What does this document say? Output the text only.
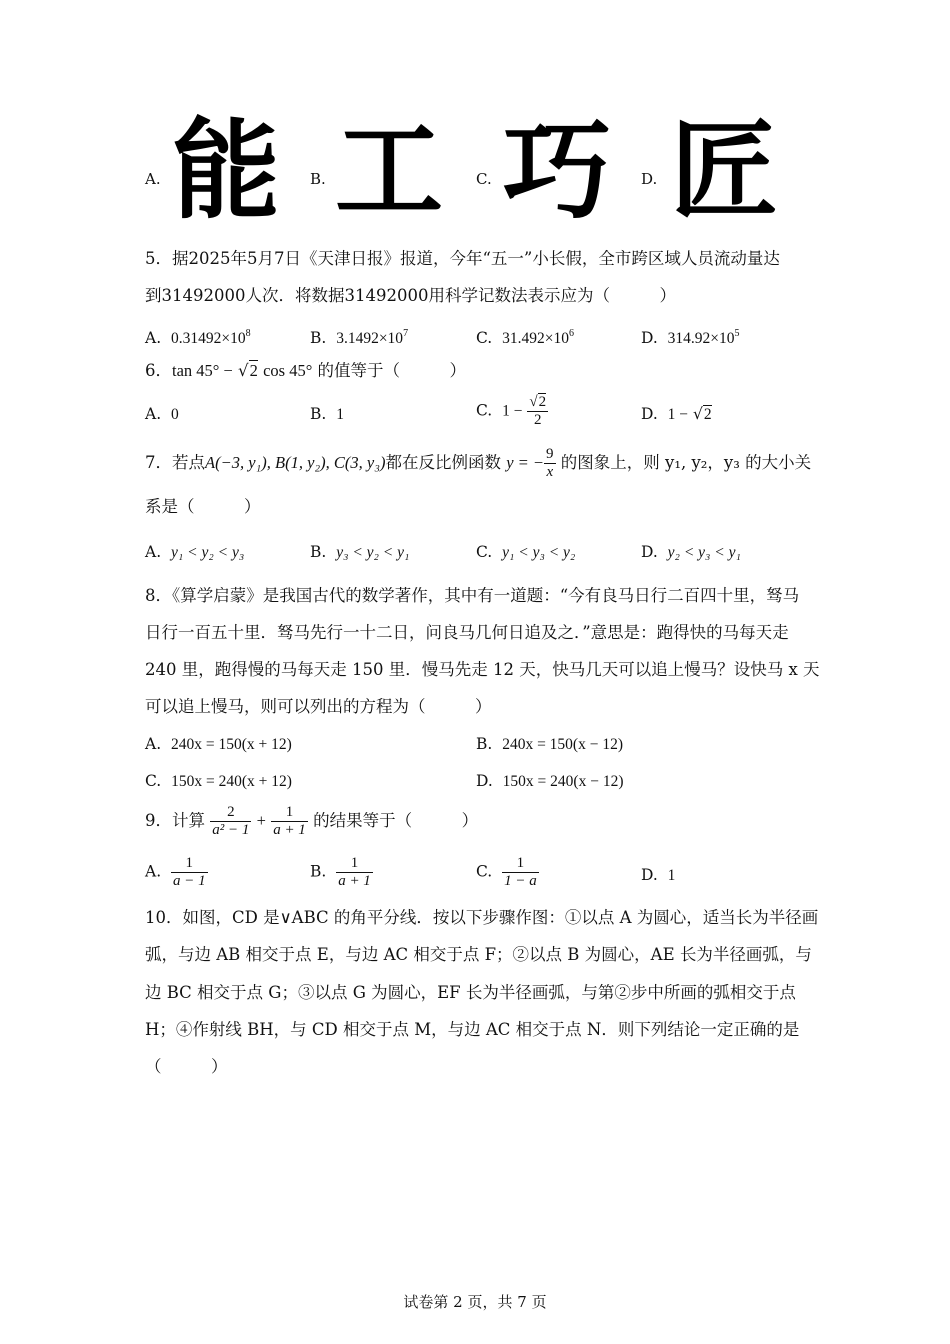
A. 能 B. 工 C. 巧 D. 匠
5．据2025年5月7日《天津日报》报道，今年“五一”小长假，全市跨区域人员流动量达
到31492000人次．将数据31492000用科学记数法表示应为（　　　）
A. $0.31492\times 10^8$	B. $3.1492\times 10^7$	C. $31.492\times 10^6$	D. $314.92\times 10^5$
6．tan 45° − √2 cos 45° 的值等于（　　　）
A. 0	B. 1	C. $1 - \frac{√2}{2}$	D. 1 − √2
7．若点A(−3, y₁), B(1, y₂), C(3, y₃)都在反比例函数 y = − $\frac{9}{x}$ 的图象上，则 y₁, y₂，y₃ 的大小关
系是（　　　）
A. y₁ < y₂ < y₃	B. y₃ < y₂ < y₁	C. y₁ < y₃ < y₂	D. y₂ < y₃ < y₁
8．《算学启蒙》是我国古代的数学著作，其中有一道题：“今有良马日行二百四十里，驽马
日行一百五十里．驽马先行一十二日，问良马几何日追及之．”意思是：跑得快的马每天走
240 里，跑得慢的马每天走 150 里．慢马先走 12 天，快马几天可以追上慢马？设快马 x 天
可以追上慢马，则可以列出的方程为（　　　）
A. 240x = 150(x + 12)	B. 240x = 150(x − 12)
C. 150x = 240(x + 12)	D. 150x = 240(x − 12)
9．计算 $\frac{2}{\text{a² − 1}} + \frac{1}{a + 1}$ 的结果等于（　　　）
A. $\frac{1}{a - 1}$	B. $\frac{1}{a + 1}$	C. $\frac{1}{1 - a}$	D. 1
10．如图，CD 是∨ABC 的角平分线．按以下步骤作图：①以点 A 为圆心，适当长为半径画
弧，与边 AB 相交于点 E，与边 AC 相交于点 F；②以点 B 为圆心，AE 长为半径画弧，与
边 BC 相交于点 G；③以点 G 为圆心，EF 长为半径画弧，与第②步中所画的弧相交于点
H；④作射线 BH，与 CD 相交于点 M，与边 AC 相交于点 N．则下列结论一定正确的是
（　　　）
试卷第 2 页，共 7 页
